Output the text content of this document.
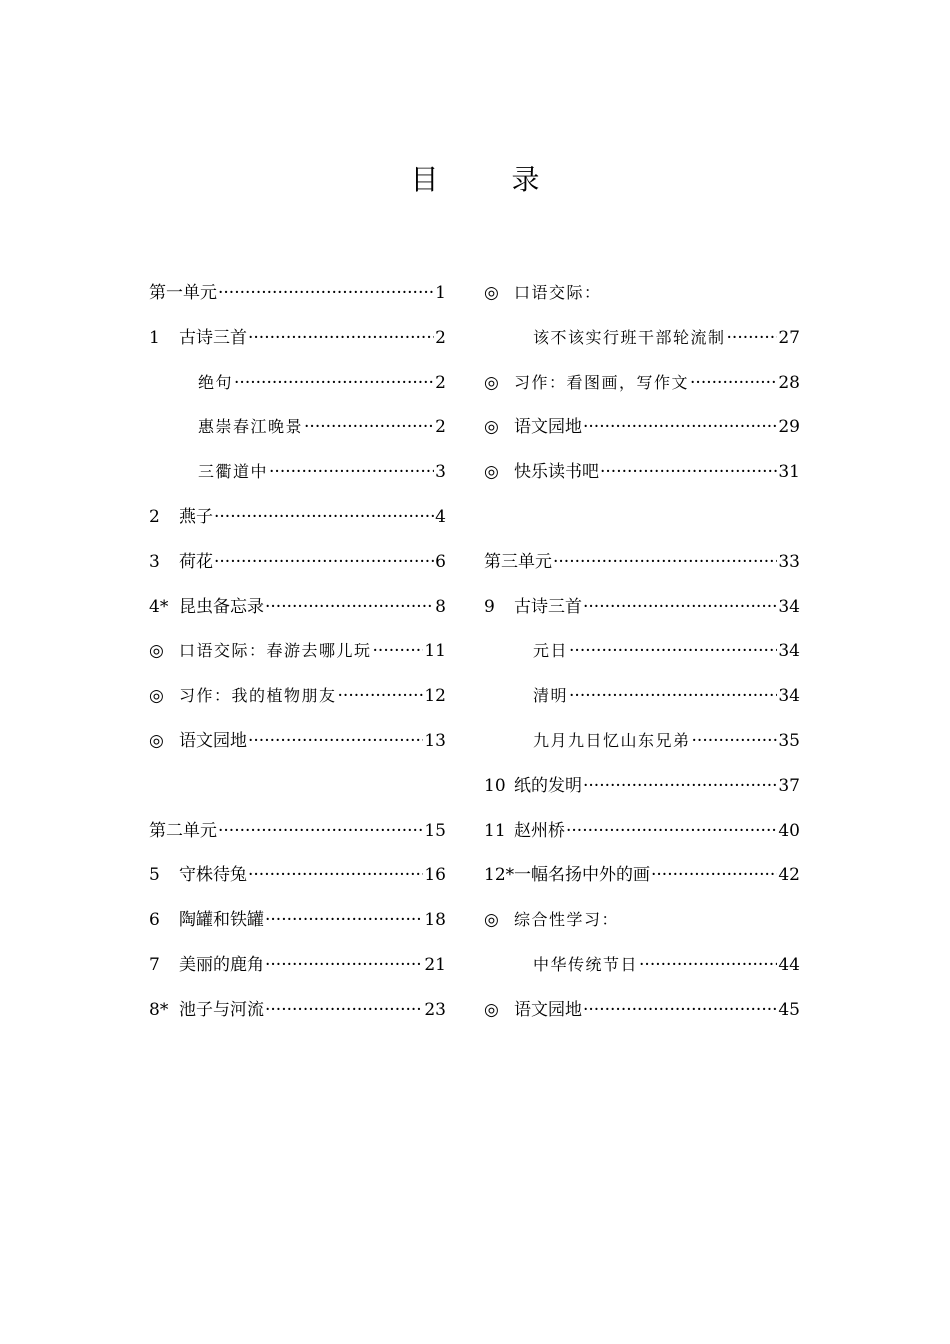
目 录
第一单元 ·····	1
1	古诗三首 ·····	2
绝句 ·····	2
惠崇春江晚景 ·····	2
三衢道中 ·····	3
2	燕子 ·····	4
3	荷花 ·····	6
4* 昆虫备忘录 ·····	8
◎ 口语交际：春游去哪儿玩 ·····	11
◎ 习作：我的植物朋友 ·····	12
◎ 语文园地 ·····	13
第二单元 ·····	15
5	守株待兔 ·····	16
6	陶罐和铁罐 ·····	18
7	美丽的鹿角 ·····	21
8* 池子与河流 ·····	23
◎ 口语交际：
该不该实行班干部轮流制 ·····	27
◎ 习作：看图画，写作文 ·····	28
◎ 语文园地 ·····	29
◎ 快乐读书吧 ·····	31
第三单元 ·····	33
9	古诗三首 ·····	34
元日 ·····	34
清明 ·····	34
九月九日忆山东兄弟 ·····	35
10 纸的发明 ·····	37
11 赵州桥 ·····	40
12* 一幅名扬中外的画 ·····	42
◎ 综合性学习：
中华传统节日 ·····	44
◎ 语文园地 ·····	45
